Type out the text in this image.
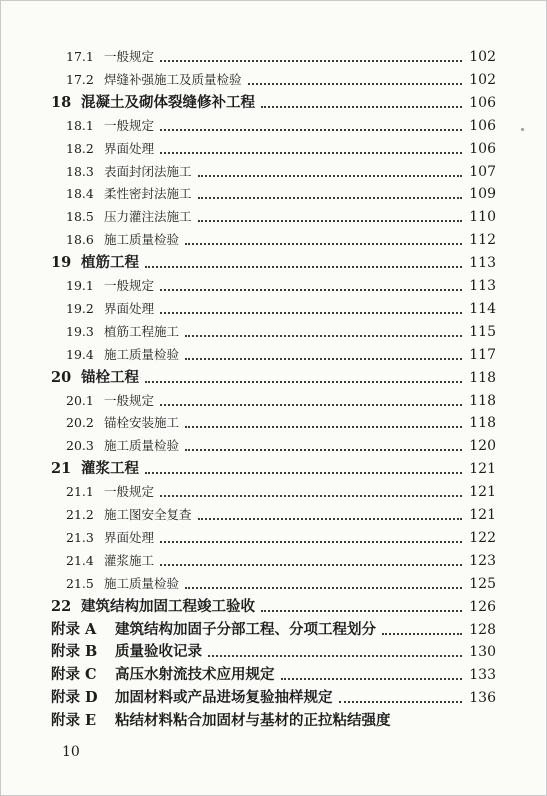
17.1 一般规定	102
17.2 焊缝补强施工及质量检验	102
18 混凝土及砌体裂缝修补工程	106
18.1 一般规定	106
18.2 界面处理	106
18.3 表面封闭法施工	107
18.4 柔性密封法施工	109
18.5 压力灌注法施工	110
18.6 施工质量检验	112
19 植筋工程	113
19.1 一般规定	113
19.2 界面处理	114
19.3 植筋工程施工	115
19.4 施工质量检验	117
20 锚栓工程	118
20.1 一般规定	118
20.2 锚栓安装施工	118
20.3 施工质量检验	120
21 灌浆工程	121
21.1 一般规定	121
21.2 施工图安全复查	121
21.3 界面处理	122
21.4 灌浆施工	123
21.5 施工质量检验	125
22 建筑结构加固工程竣工验收	126
附录 A	建筑结构加固子分部工程、分项工程划分	128
附录 B	质量验收记录	130
附录 C	高压水射流技术应用规定	133
附录 D	加固材料或产品进场复验抽样规定	136
附录 E	粘结材料粘合加固材与基材的正拉粘结强度
10
